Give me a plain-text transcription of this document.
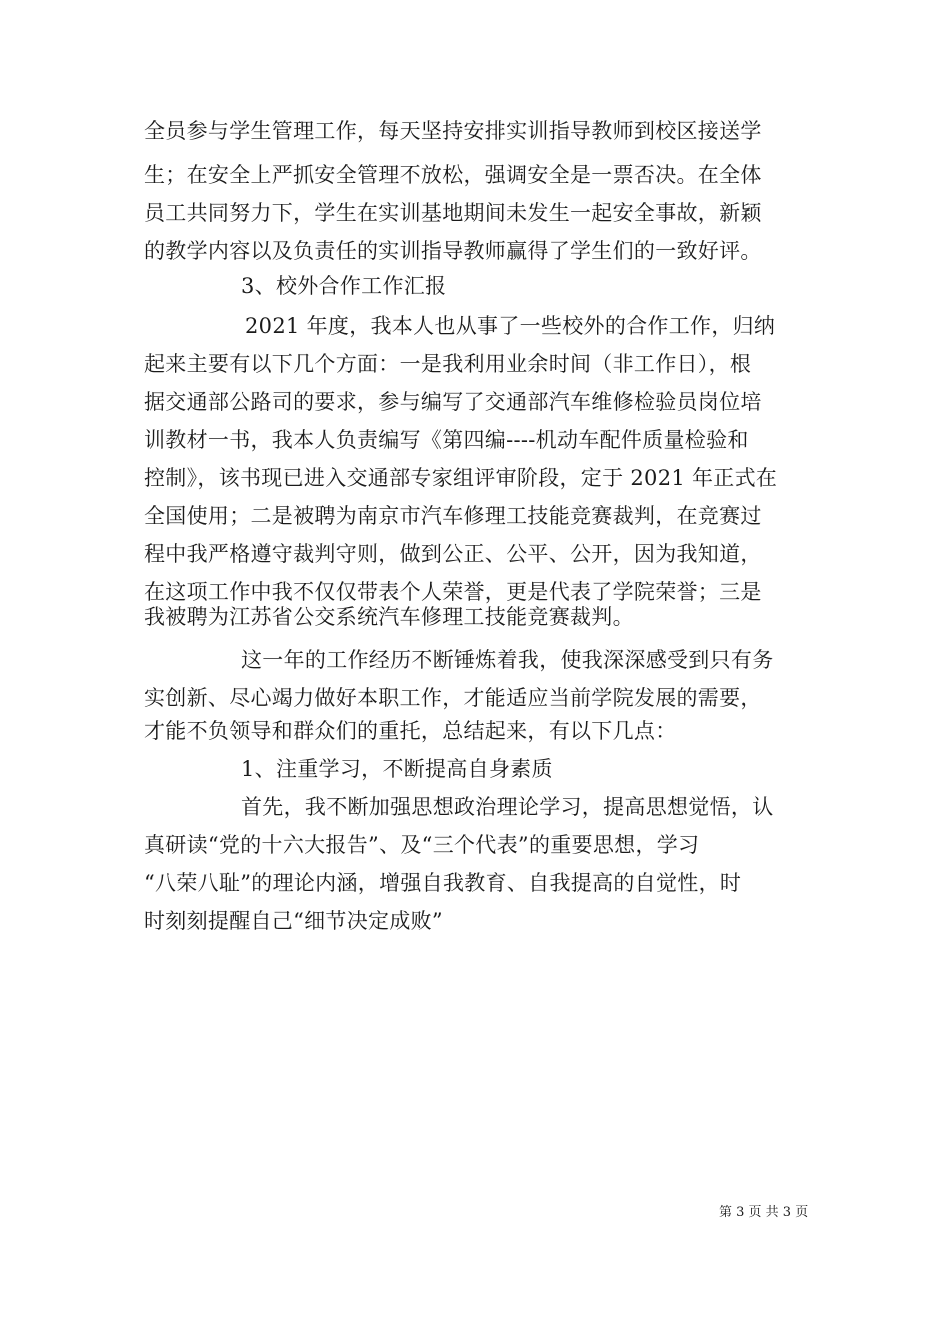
全员参与学生管理工作，每天坚持安排实训指导教师到校区接送学
生；在安全上严抓安全管理不放松，强调安全是一票否决。在全体
员工共同努力下，学生在实训基地期间未发生一起安全事故，新颖
的教学内容以及负责任的实训指导教师赢得了学生们的一致好评。
3、校外合作工作汇报
2021 年度，我本人也从事了一些校外的合作工作，归纳
起来主要有以下几个方面：一是我利用业余时间（非工作日），根
据交通部公路司的要求，参与编写了交通部汽车维修检验员岗位培
训教材一书，我本人负责编写《第四编----机动车配件质量检验和
控制》，该书现已进入交通部专家组评审阶段，定于 2021 年正式在
全国使用；二是被聘为南京市汽车修理工技能竞赛裁判，在竞赛过
程中我严格遵守裁判守则，做到公正、公平、公开，因为我知道，
在这项工作中我不仅仅带表个人荣誉，更是代表了学院荣誉；三是
我被聘为江苏省公交系统汽车修理工技能竞赛裁判。
这一年的工作经历不断锤炼着我，使我深深感受到只有务
实创新、尽心竭力做好本职工作，才能适应当前学院发展的需要，
才能不负领导和群众们的重托，总结起来，有以下几点：
1、注重学习，不断提高自身素质
首先，我不断加强思想政治理论学习，提高思想觉悟，认
真研读“党的十六大报告”、及“三个代表”的重要思想，学习
“八荣八耻”的理论内涵，增强自我教育、自我提高的自觉性，时
时刻刻提醒自己“细节决定成败”
第 3 页 共 3 页
